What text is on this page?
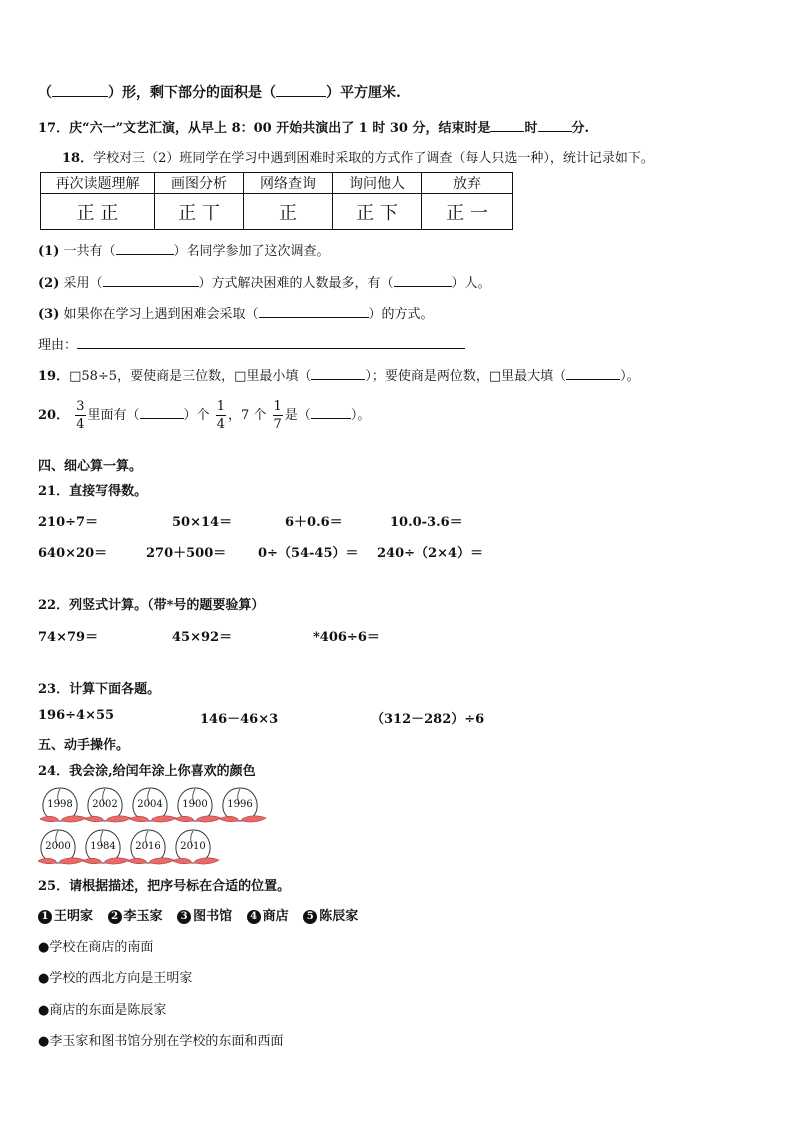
（	）形，剩下部分的面积是（	）平方厘米.
17．庆“六一”文艺汇演，从早上 8：00 开始共演出了 1 时 30 分，结束时是	时	分.
18．学校对三（2）班同学在学习中遇到困难时采取的方式作了调查（每人只选一种），统计记录如下。
再次读题理解	画图分析	网络查询	询问他人	放弃
正 正	正 丅	正	正 下	正 一
(1) 一共有（	）名同学参加了这次调查。
(2) 采用（	）方式解决困难的人数最多，有（	）人。
(3) 如果你在学习上遇到困难会采取（	）的方式。
理由：
19．□58÷5，要使商是三位数，□里最小填（	）；要使商是两位数，□里最大填（	）。
20． $\frac{3}{4}$ 里面有（	）个 $\frac{1}{4}$ ，7 个 $\frac{1}{7}$ 是（	）。
四、细心算一算。
21．直接写得数。
210÷7＝	50×14＝	6＋0.6＝	10.0-3.6＝
640×20＝	270＋500＝ 0÷（54-45）＝ 240÷（2×4）＝
22．列竖式计算。（带*号的题要验算）
74×79＝	45×92＝	*406÷6＝
23．计算下面各题。
196÷4×55	146－46×3	（312－282）÷6
五、动手操作。
24．我会涂,给闰年涂上你喜欢的颜色
1998	2002	2004	1900	1996
2000	1984	2016	2010
25．请根据描述，把序号标在合适的位置。
1 王明家 2 李玉家 3 图书馆 4 商店 5 陈辰家
●学校在商店的南面
●学校的西北方向是王明家
●商店的东面是陈辰家
●李玉家和图书馆分别在学校的东面和西面
